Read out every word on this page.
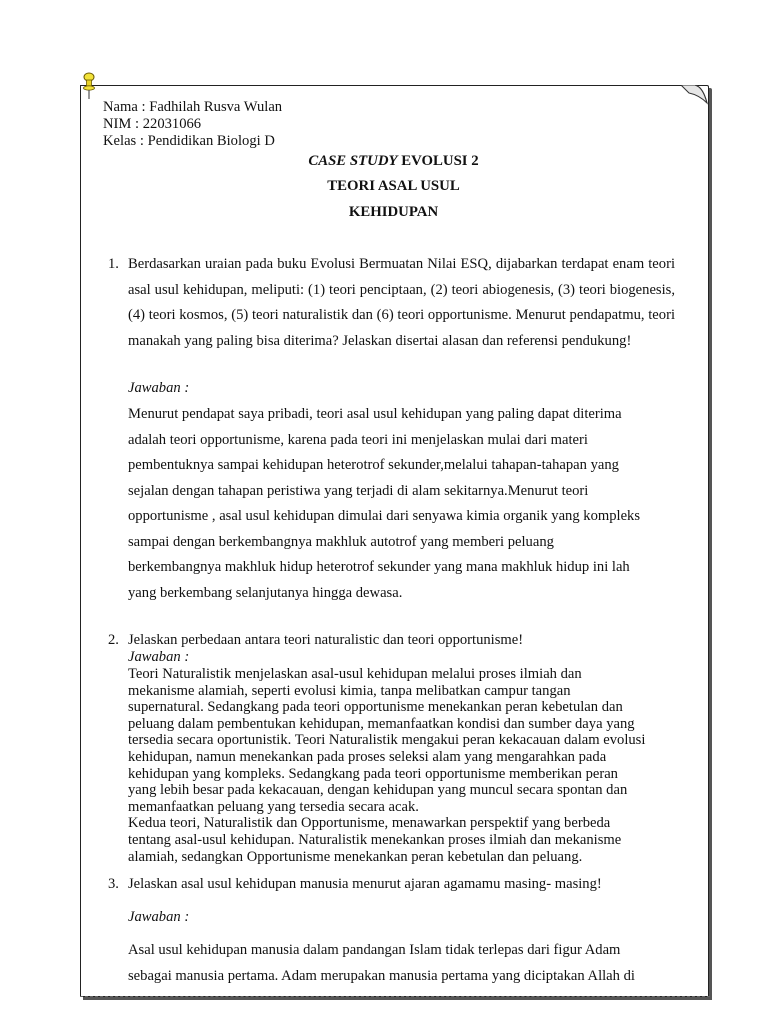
Nama : Fadhilah Rusva Wulan
NIM : 22031066
Kelas : Pendidikan Biologi D
CASE STUDY EVOLUSI 2
TEORI ASAL USUL
KEHIDUPAN
1. Berdasarkan uraian pada buku Evolusi Bermuatan Nilai ESQ, dijabarkan terdapat enam teori asal usul kehidupan, meliputi: (1) teori penciptaan, (2) teori abiogenesis, (3) teori biogenesis, (4) teori kosmos, (5) teori naturalistik dan (6) teori opportunisme. Menurut pendapatmu, teori manakah yang paling bisa diterima? Jelaskan disertai alasan dan referensi pendukung!
Jawaban :
Menurut pendapat saya pribadi, teori asal usul kehidupan yang paling dapat diterima
adalah teori opportunisme, karena pada teori ini menjelaskan mulai dari materi
pembentuknya sampai kehidupan heterotrof sekunder,melalui tahapan-tahapan yang
sejalan dengan tahapan peristiwa yang terjadi di alam sekitarnya.Menurut teori
opportunisme , asal usul kehidupan dimulai dari senyawa kimia organik yang kompleks
sampai dengan berkembangnya makhluk autotrof yang memberi peluang
berkembangnya makhluk hidup heterotrof sekunder yang mana makhluk hidup ini lah
yang berkembang selanjutanya hingga dewasa.
2. Jelaskan perbedaan antara teori naturalistic dan teori opportunisme!
Jawaban :
Teori Naturalistik menjelaskan asal-usul kehidupan melalui proses ilmiah dan
mekanisme alamiah, seperti evolusi kimia, tanpa melibatkan campur tangan
supernatural. Sedangkang pada teori opportunisme menekankan peran kebetulan dan
peluang dalam pembentukan kehidupan, memanfaatkan kondisi dan sumber daya yang
tersedia secara oportunistik. Teori Naturalistik mengakui peran kekacauan dalam evolusi
kehidupan, namun menekankan pada proses seleksi alam yang mengarahkan pada
kehidupan yang kompleks. Sedangkang pada teori opportunisme memberikan peran
yang lebih besar pada kekacauan, dengan kehidupan yang muncul secara spontan dan
memanfaatkan peluang yang tersedia secara acak.
Kedua teori, Naturalistik dan Opportunisme, menawarkan perspektif yang berbeda
tentang asal-usul kehidupan. Naturalistik menekankan proses ilmiah dan mekanisme
alamiah, sedangkan Opportunisme menekankan peran kebetulan dan peluang.
3. Jelaskan asal usul kehidupan manusia menurut ajaran agamamu masing- masing!
Jawaban :
Asal usul kehidupan manusia dalam pandangan Islam tidak terlepas dari figur Adam
sebagai manusia pertama. Adam merupakan manusia pertama yang diciptakan Allah di
